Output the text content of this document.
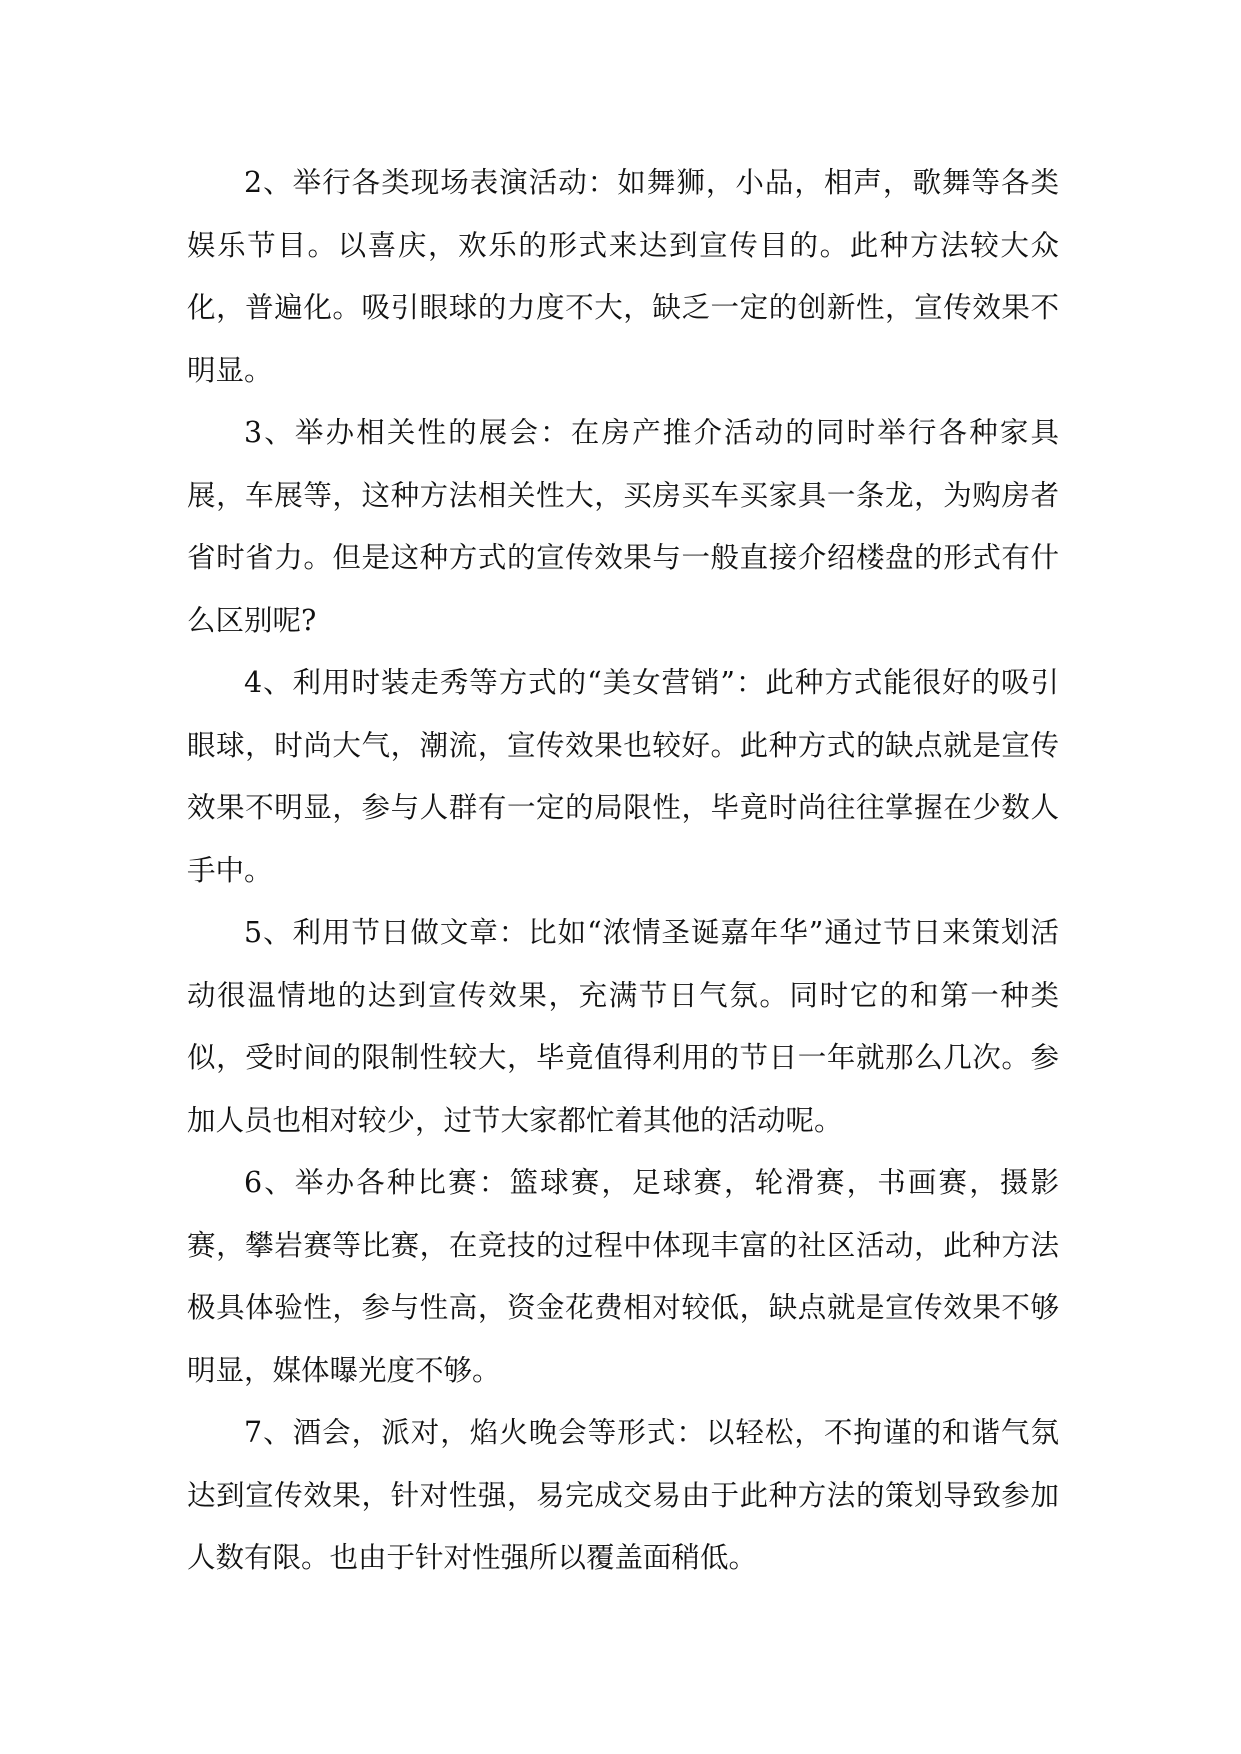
2、举行各类现场表演活动：如舞狮，小品，相声，歌舞等各类娱乐节目。以喜庆，欢乐的形式来达到宣传目的。此种方法较大众化，普遍化。吸引眼球的力度不大，缺乏一定的创新性，宣传效果不明显。

3、举办相关性的展会：在房产推介活动的同时举行各种家具展，车展等，这种方法相关性大，买房买车买家具一条龙，为购房者省时省力。但是这种方式的宣传效果与一般直接介绍楼盘的形式有什么区别呢?

4、利用时装走秀等方式的“美女营销”：此种方式能很好的吸引眼球，时尚大气，潮流，宣传效果也较好。此种方式的缺点就是宣传效果不明显，参与人群有一定的局限性，毕竟时尚往往掌握在少数人手中。

5、利用节日做文章：比如“浓情圣诞嘉年华”通过节日来策划活动很温情地的达到宣传效果，充满节日气氛。同时它的和第一种类似，受时间的限制性较大，毕竟值得利用的节日一年就那么几次。参加人员也相对较少，过节大家都忙着其他的活动呢。

6、举办各种比赛：篮球赛，足球赛，轮滑赛，书画赛，摄影赛，攀岩赛等比赛，在竞技的过程中体现丰富的社区活动，此种方法极具体验性，参与性高，资金花费相对较低，缺点就是宣传效果不够明显，媒体曝光度不够。

7、酒会，派对，焰火晚会等形式：以轻松，不拘谨的和谐气氛达到宣传效果，针对性强，易完成交易由于此种方法的策划导致参加人数有限。也由于针对性强所以覆盖面稍低。
